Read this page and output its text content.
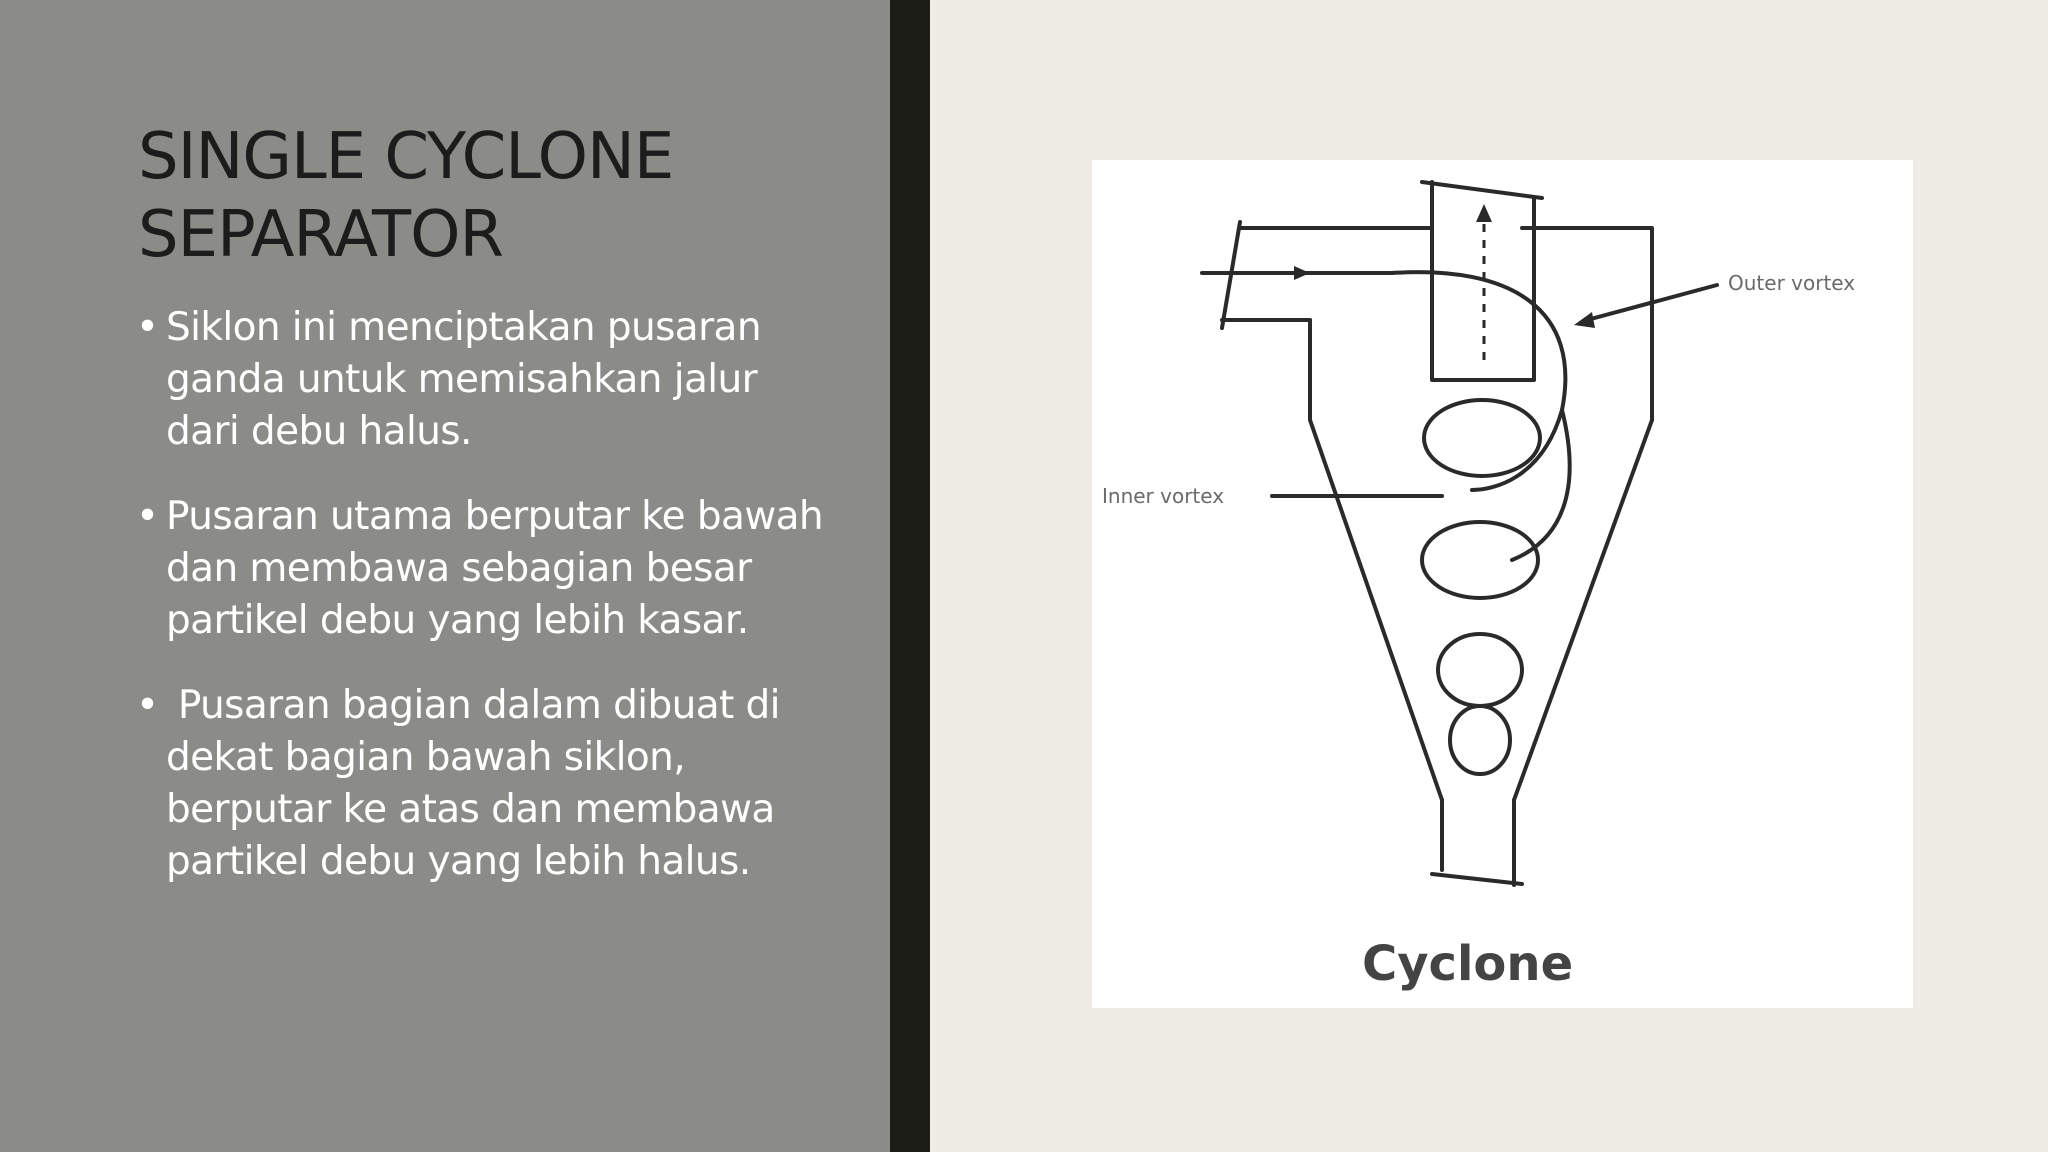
SINGLE CYCLONE
SEPARATOR
• Siklon ini menciptakan pusaran ganda untuk memisahkan jalur dari debu halus.
• Pusaran utama berputar ke bawah dan membawa sebagian besar partikel debu yang lebih kasar.
• Pusaran bagian dalam dibuat di dekat bagian bawah siklon, berputar ke atas dan membawa partikel debu yang lebih halus.
Outer vortex
Inner vortex
Cyclone
